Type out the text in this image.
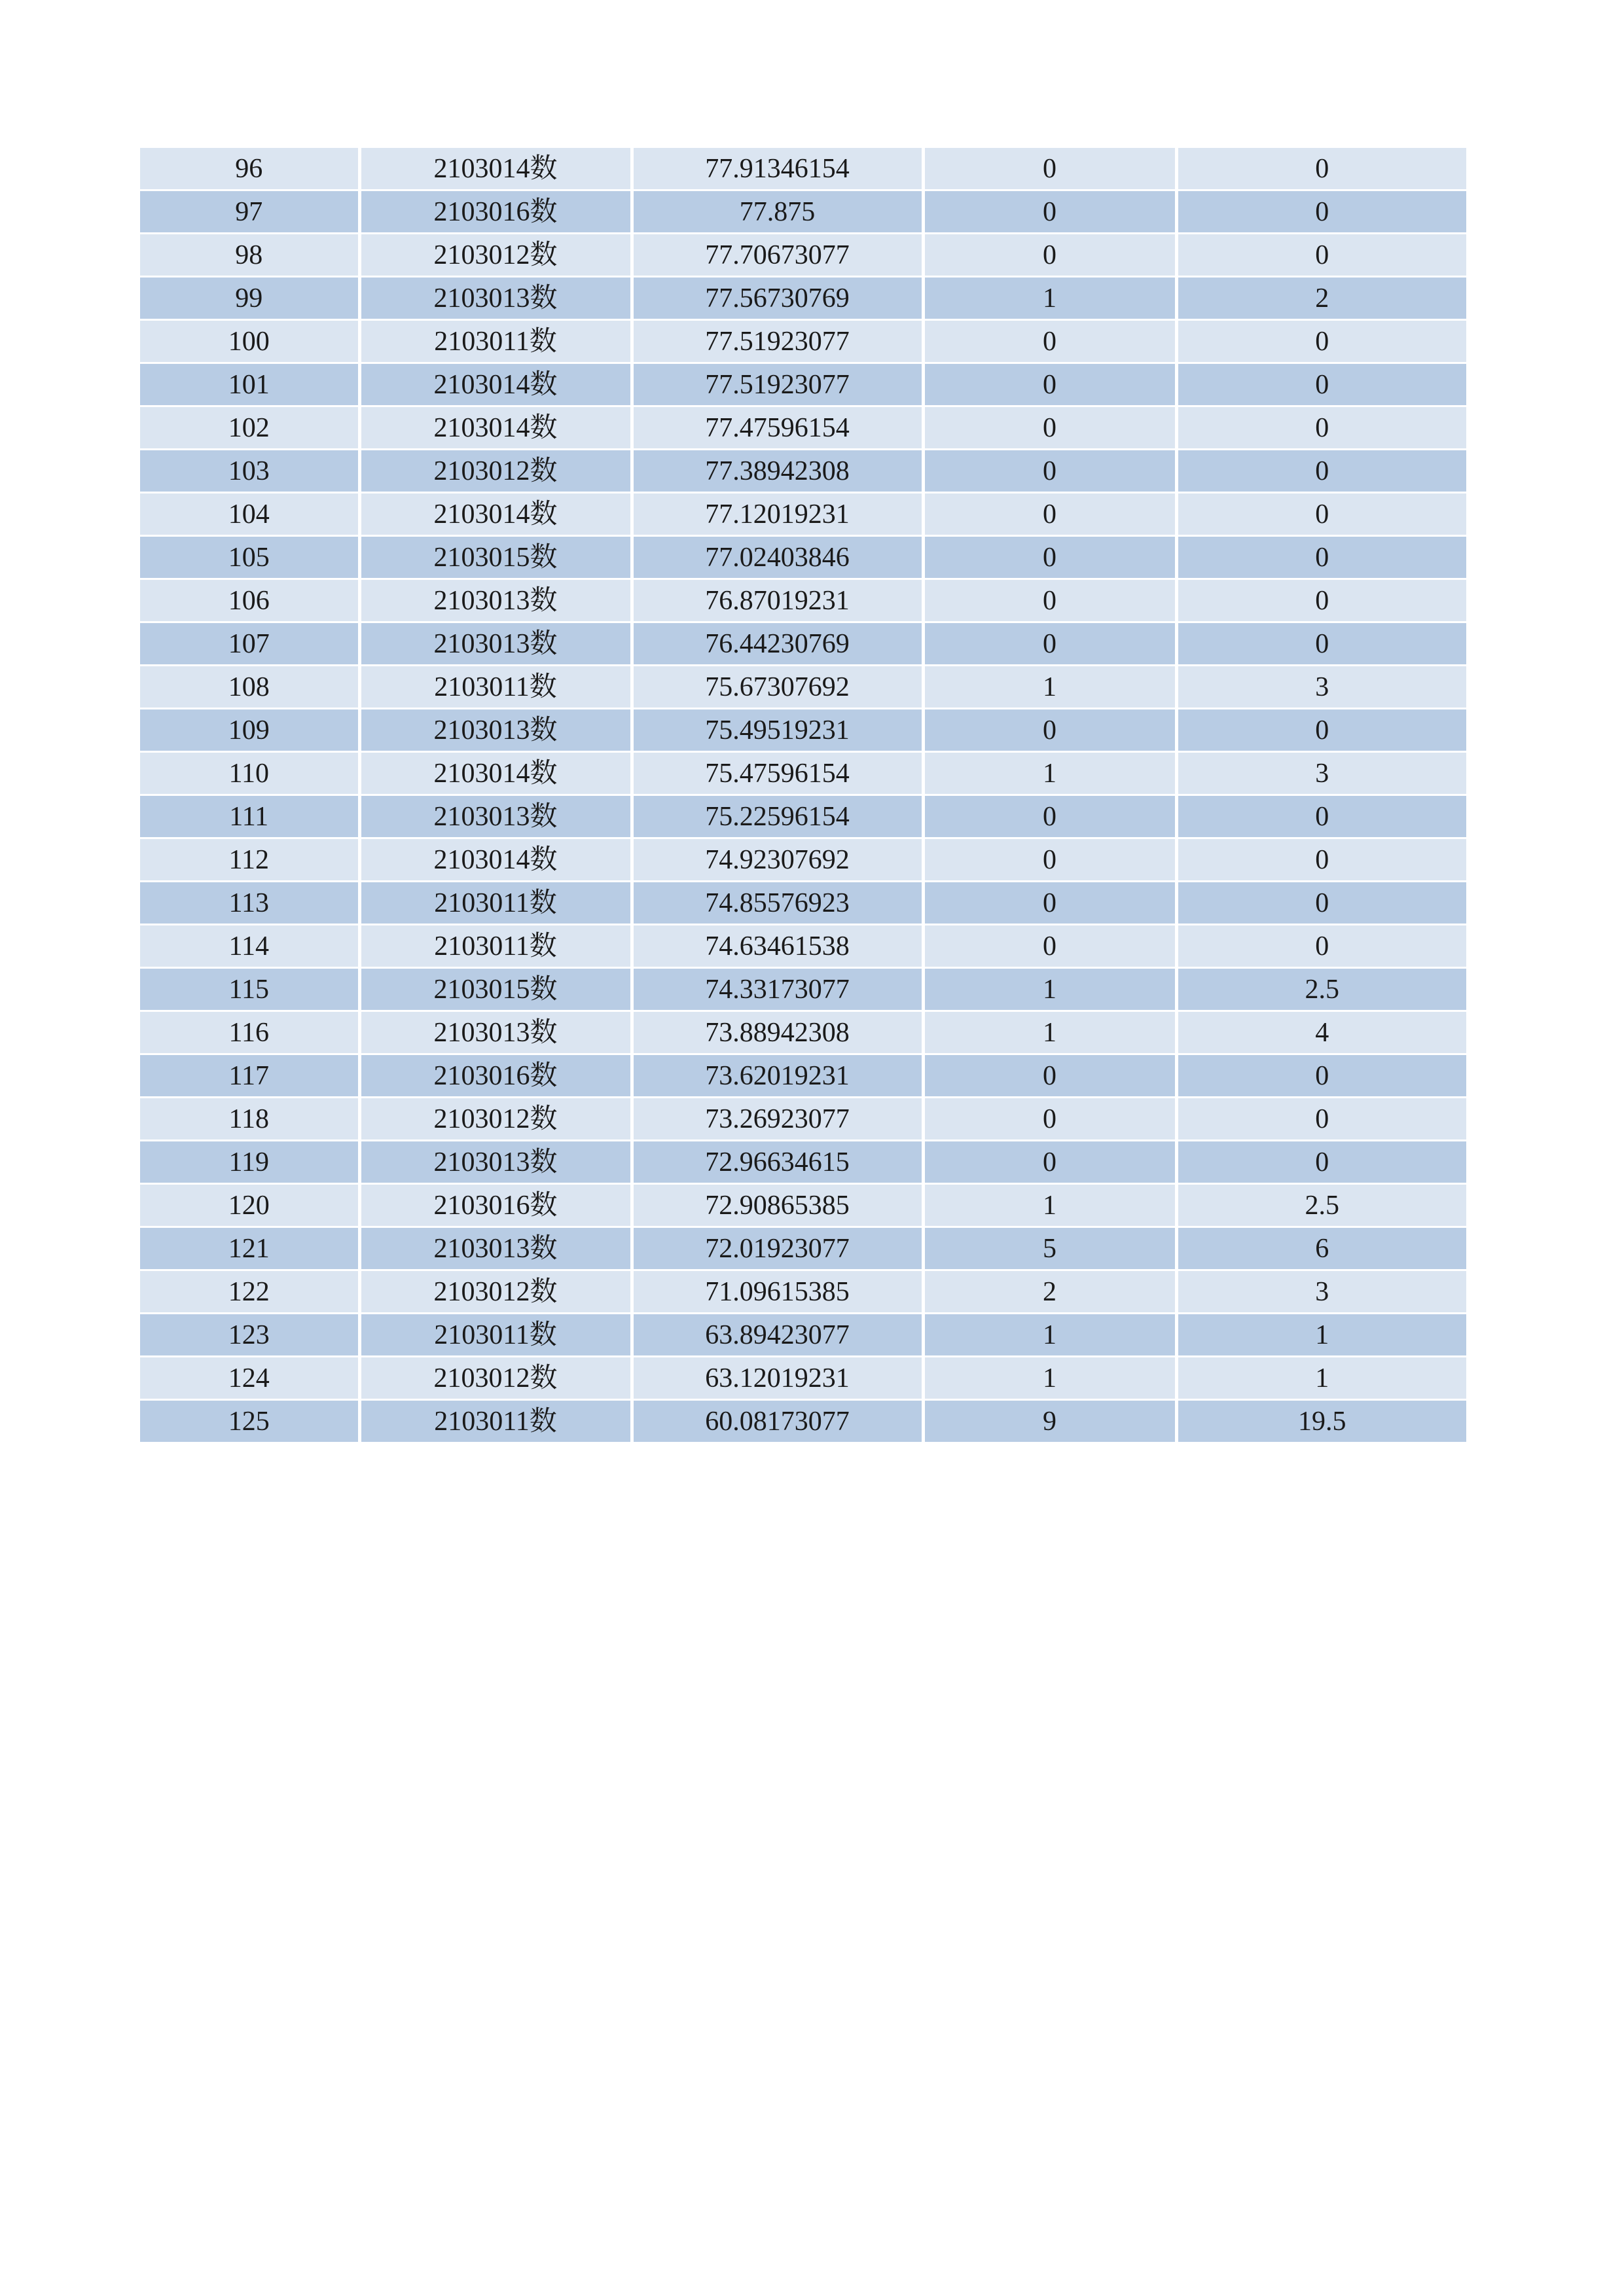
96	2103014数	77.91346154	0	0
97	2103016数	77.875	0	0
98	2103012数	77.70673077	0	0
99	2103013数	77.56730769	1	2
100	2103011数	77.51923077	0	0
101	2103014数	77.51923077	0	0
102	2103014数	77.47596154	0	0
103	2103012数	77.38942308	0	0
104	2103014数	77.12019231	0	0
105	2103015数	77.02403846	0	0
106	2103013数	76.87019231	0	0
107	2103013数	76.44230769	0	0
108	2103011数	75.67307692	1	3
109	2103013数	75.49519231	0	0
110	2103014数	75.47596154	1	3
111	2103013数	75.22596154	0	0
112	2103014数	74.92307692	0	0
113	2103011数	74.85576923	0	0
114	2103011数	74.63461538	0	0
115	2103015数	74.33173077	1	2.5
116	2103013数	73.88942308	1	4
117	2103016数	73.62019231	0	0
118	2103012数	73.26923077	0	0
119	2103013数	72.96634615	0	0
120	2103016数	72.90865385	1	2.5
121	2103013数	72.01923077	5	6
122	2103012数	71.09615385	2	3
123	2103011数	63.89423077	1	1
124	2103012数	63.12019231	1	1
125	2103011数	60.08173077	9	19.5
